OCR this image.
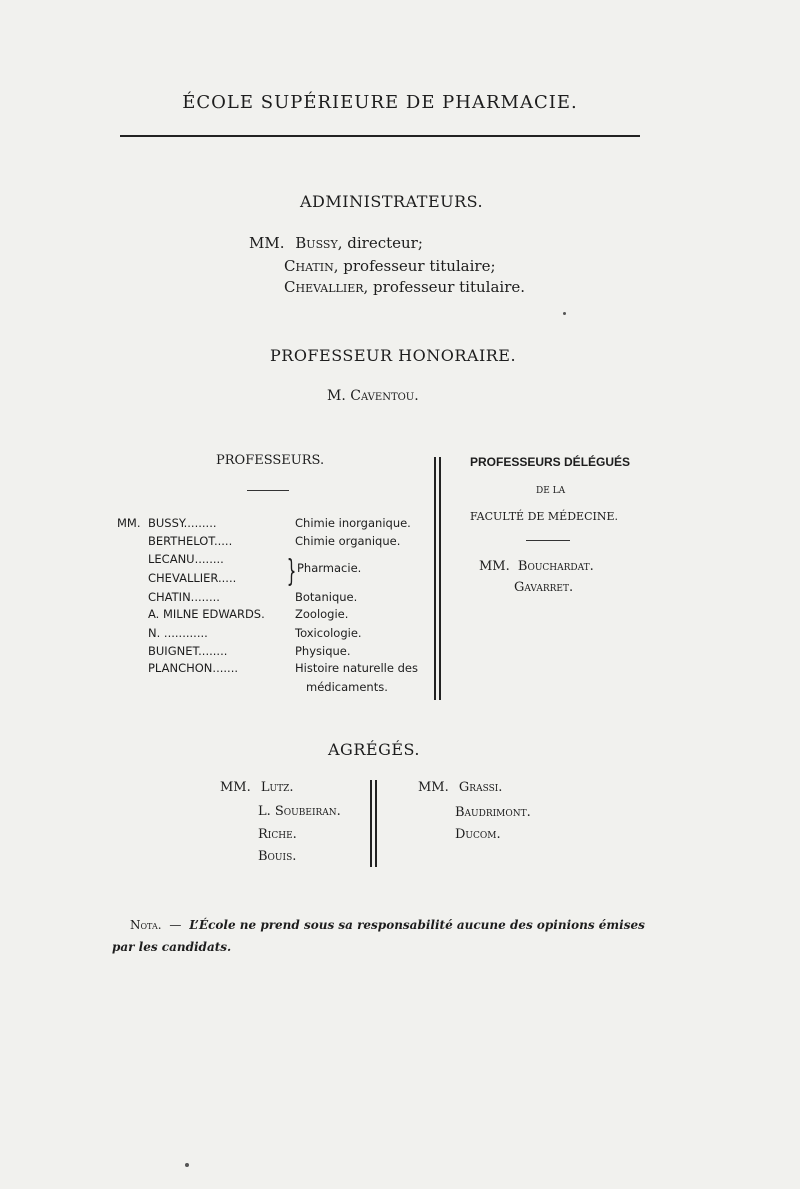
ÉCOLE SUPÉRIEURE DE PHARMACIE.
ADMINISTRATEURS.
MM. Bussy, directeur;
Chatin, professeur titulaire;
Chevallier, professeur titulaire.
PROFESSEUR HONORAIRE.
M. Caventou.
PROFESSEURS.
MM. BUSSY.........	Chimie inorganique.
BERTHELOT.....	Chimie organique.
LECANU........
CHEVALLIER..... } Pharmacie.
CHATIN........	Botanique.
A. MILNE EDWARDS.	Zoologie.
N. ............	Toxicologie.
BUIGNET........	Physique.
PLANCHON.......	Histoire naturelle des
médicaments.
PROFESSEURS DÉLÉGUÉS
DE LA
FACULTÉ DE MÉDECINE.
MM. Bouchardat.
Gavarret.
AGRÉGÉS.
MM. Lutz.
L. Soubeiran.
Riche.
Bouis.
MM. Grassi.
Baudrimont.
Ducom.
Nota. — L’École ne prend sous sa responsabilité aucune des opinions émises
par les candidats.
